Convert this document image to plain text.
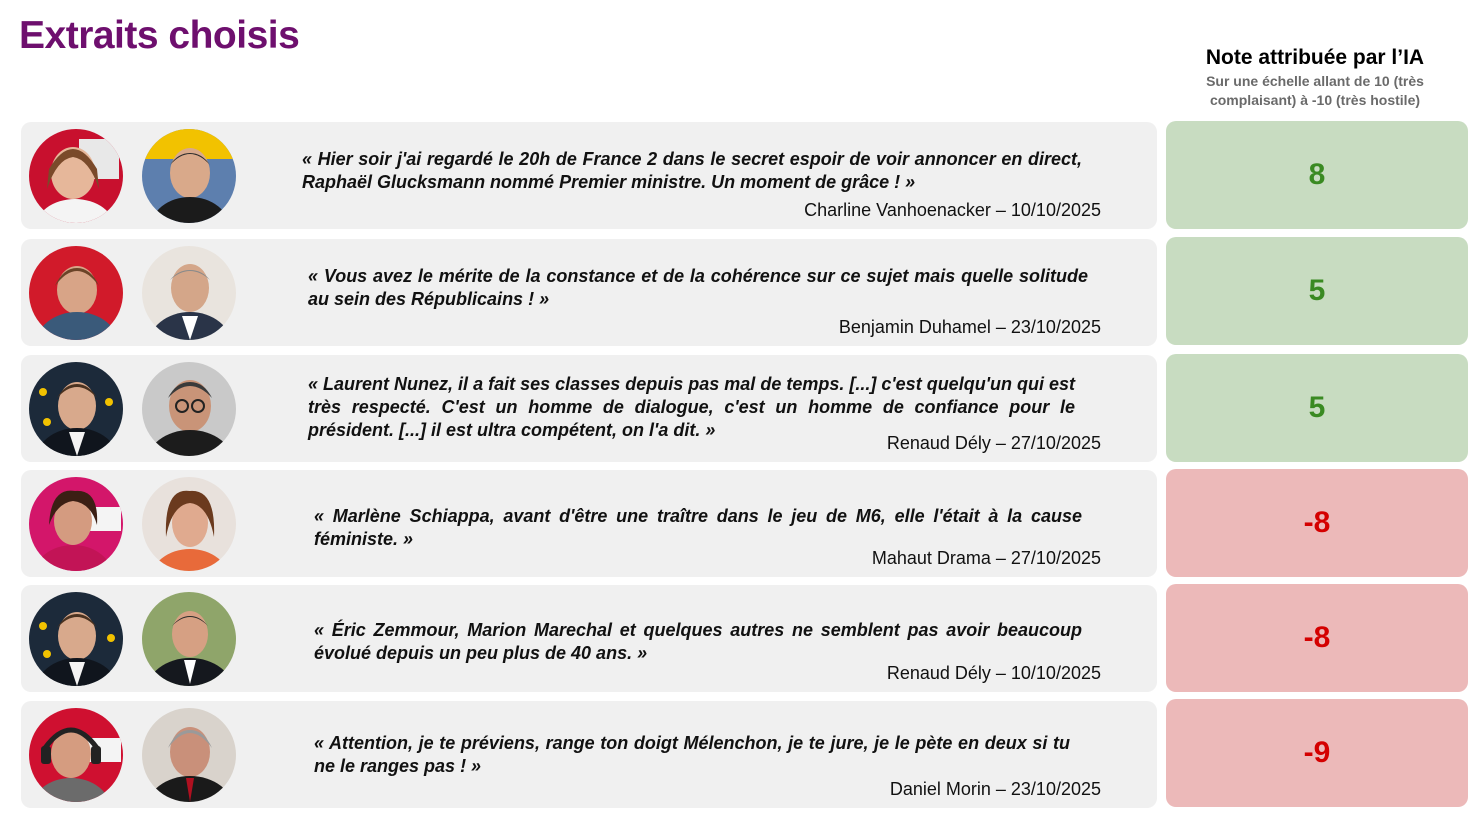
Extraits choisis
Note attribuée par l’IA
Sur une échelle allant de 10 (très complaisant) à -10 (très hostile)
« Hier soir j'ai regardé le 20h de France 2 dans le secret espoir de voir annoncer en direct, Raphaël Glucksmann nommé Premier ministre. Un moment de grâce ! »
Charline Vanhoenacker – 10/10/2025
8
« Vous avez le mérite de la constance et de la cohérence sur ce sujet mais quelle solitude au sein des Républicains ! »
Benjamin Duhamel – 23/10/2025
5
« Laurent Nunez, il a fait ses classes depuis pas mal de temps. [...] c'est quelqu'un qui est très respecté. C'est un homme de dialogue, c'est un homme de confiance pour le président. [...] il est ultra compétent, on l'a dit. »
Renaud Dély – 27/10/2025
5
« Marlène Schiappa, avant d'être une traître dans le jeu de M6, elle l'était à la cause féministe. »
Mahaut Drama – 27/10/2025
-8
« Éric Zemmour, Marion Marechal et quelques autres ne semblent pas avoir beaucoup évolué depuis un peu plus de 40 ans. »
Renaud Dély – 10/10/2025
-8
« Attention, je te préviens, range ton doigt Mélenchon, je te jure, je le pète en deux si tu ne le ranges pas ! »
Daniel Morin – 23/10/2025
-9
